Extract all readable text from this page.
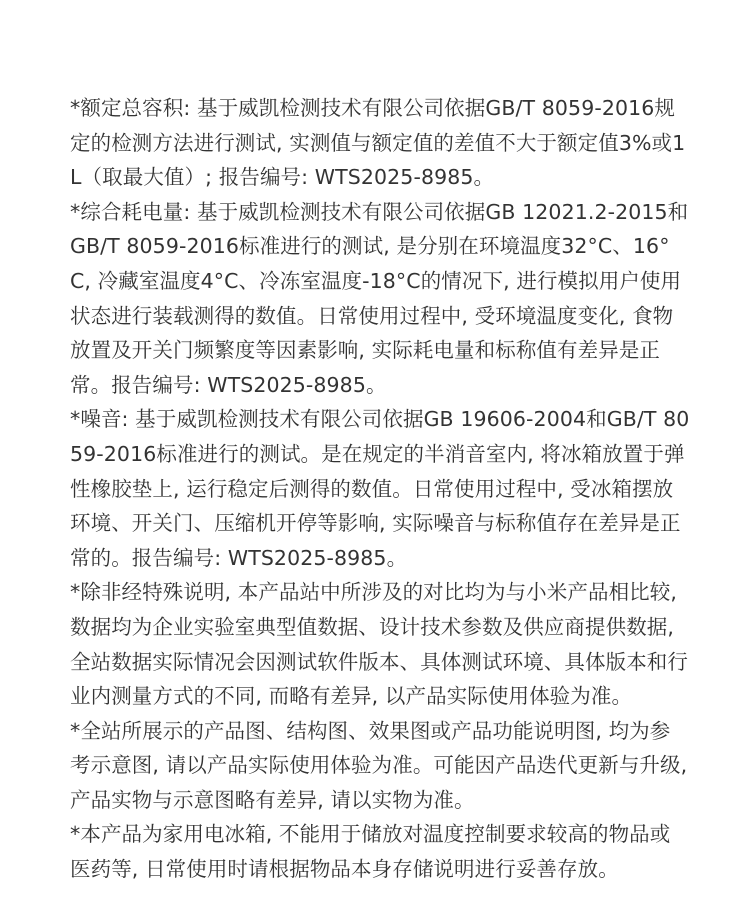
*额定总容积: 基于威凯检测技术有限公司依据GB/T 8059-2016规定的检测方法进行测试, 实测值与额定值的差值不大于额定值3%或1L（取最大值）; 报告编号: WTS2025-8985。

*综合耗电量: 基于威凯检测技术有限公司依据GB 12021.2-2015和GB/T 8059-2016标准进行的测试, 是分别在环境温度32°C、16°C, 冷藏室温度4°C、冷冻室温度-18°C的情况下, 进行模拟用户使用状态进行装载测得的数值。日常使用过程中, 受环境温度变化, 食物放置及开关门频繁度等因素影响, 实际耗电量和标称值有差异是正常。报告编号: WTS2025-8985。

*噪音: 基于威凯检测技术有限公司依据GB 19606-2004和GB/T 8059-2016标准进行的测试。是在规定的半消音室内, 将冰箱放置于弹性橡胶垫上, 运行稳定后测得的数值。日常使用过程中, 受冰箱摆放环境、开关门、压缩机开停等影响, 实际噪音与标称值存在差异是正常的。报告编号: WTS2025-8985。

*除非经特殊说明, 本产品站中所涉及的对比均为与小米产品相比较, 数据均为企业实验室典型值数据、设计技术参数及供应商提供数据, 全站数据实际情况会因测试软件版本、具体测试环境、具体版本和行业内测量方式的不同, 而略有差异, 以产品实际使用体验为准。

*全站所展示的产品图、结构图、效果图或产品功能说明图, 均为参考示意图, 请以产品实际使用体验为准。可能因产品迭代更新与升级, 产品实物与示意图略有差异, 请以实物为准。

*本产品为家用电冰箱, 不能用于储放对温度控制要求较高的物品或医药等, 日常使用时请根据物品本身存储说明进行妥善存放。
